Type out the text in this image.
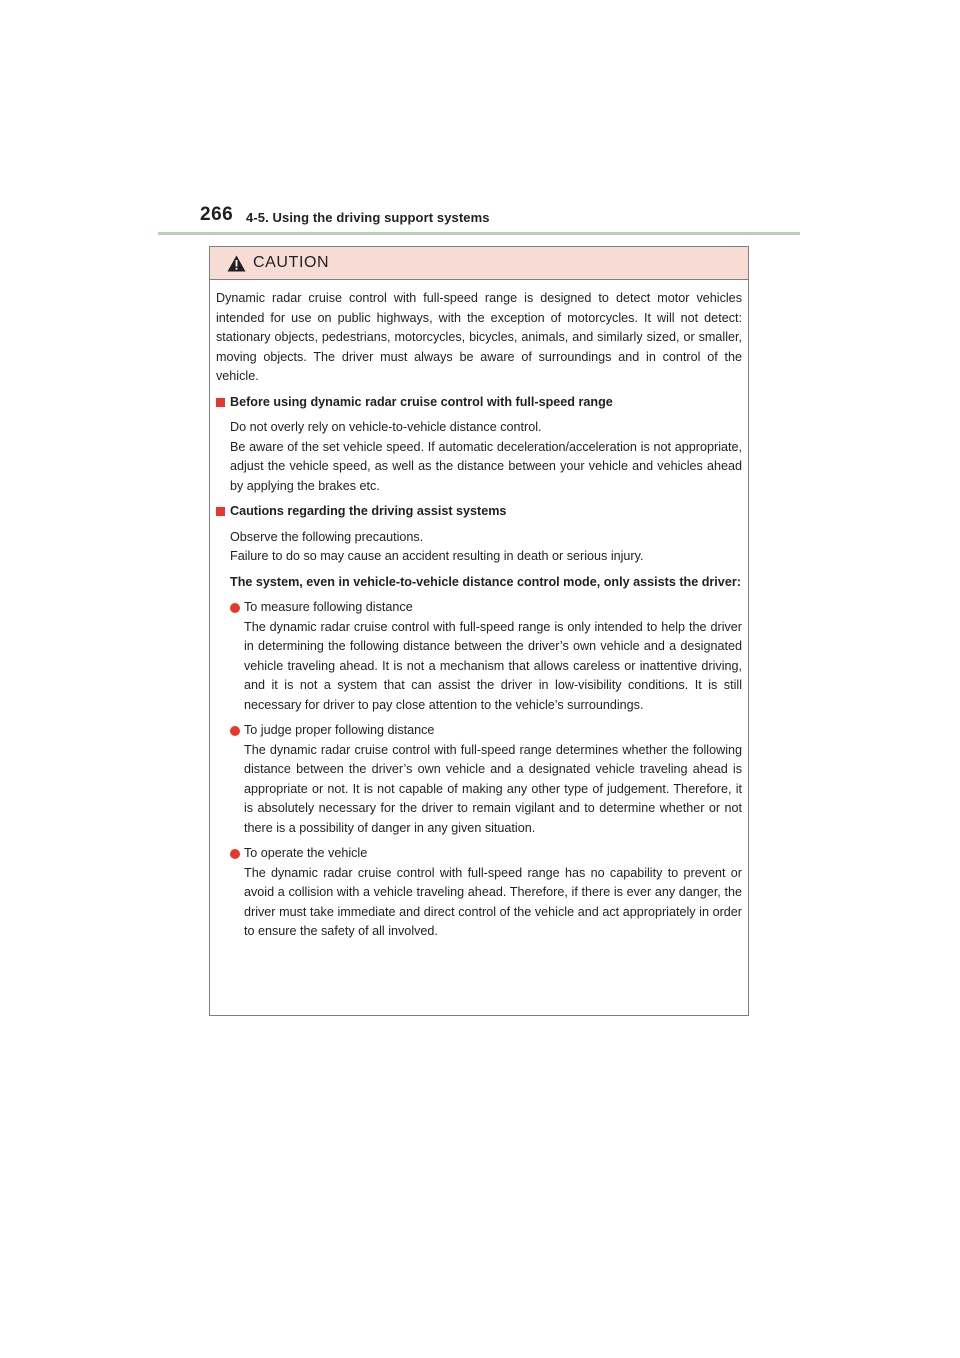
266 4-5. Using the driving support systems
CAUTION

Dynamic radar cruise control with full-speed range is designed to detect motor vehicles intended for use on public highways, with the exception of motorcycles. It will not detect: stationary objects, pedestrians, motorcycles, bicycles, animals, and similarly sized, or smaller, moving objects. The driver must always be aware of surroundings and in control of the vehicle.

Before using dynamic radar cruise control with full-speed range

Do not overly rely on vehicle-to-vehicle distance control.

Be aware of the set vehicle speed. If automatic deceleration/acceleration is not appropriate, adjust the vehicle speed, as well as the distance between your vehicle and vehicles ahead by applying the brakes etc.

Cautions regarding the driving assist systems

Observe the following precautions.

Failure to do so may cause an accident resulting in death or serious injury.

The system, even in vehicle-to-vehicle distance control mode, only assists the driver:

To measure following distance

The dynamic radar cruise control with full-speed range is only intended to help the driver in determining the following distance between the driver’s own vehicle and a designated vehicle traveling ahead. It is not a mechanism that allows careless or inattentive driving, and it is not a system that can assist the driver in low-visibility conditions. It is still necessary for driver to pay close attention to the vehicle’s surroundings.

To judge proper following distance

The dynamic radar cruise control with full-speed range determines whether the following distance between the driver’s own vehicle and a designated vehicle traveling ahead is appropriate or not. It is not capable of making any other type of judgement. Therefore, it is absolutely necessary for the driver to remain vigilant and to determine whether or not there is a possibility of danger in any given situation.

To operate the vehicle

The dynamic radar cruise control with full-speed range has no capability to prevent or avoid a collision with a vehicle traveling ahead. Therefore, if there is ever any danger, the driver must take immediate and direct control of the vehicle and act appropriately in order to ensure the safety of all involved.
